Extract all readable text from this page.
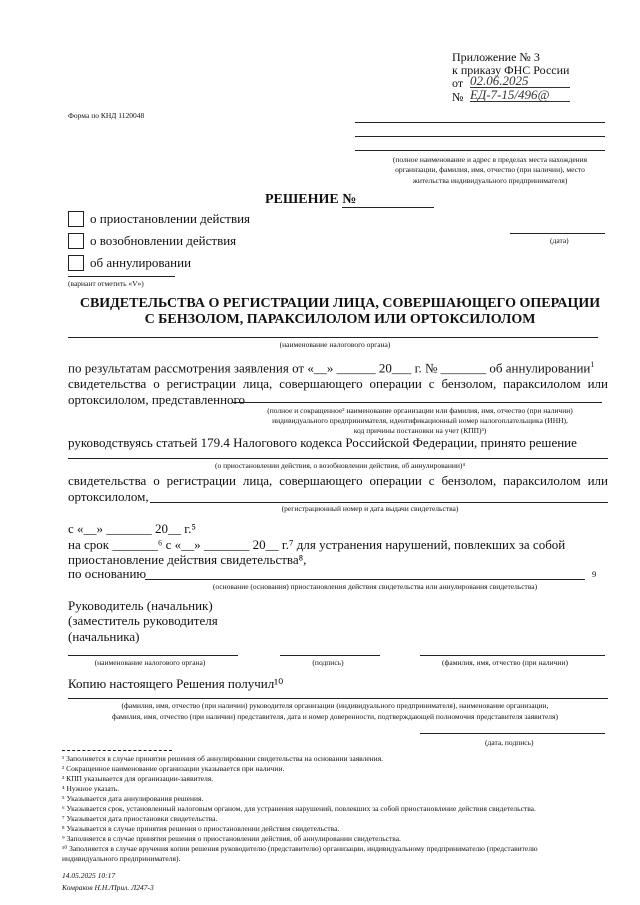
Приложение № 3
к приказу ФНС России
от 02.06.2025
№ ЕД-7-15/496@
Форма по КНД 1120048
(полное наименование и адрес в пределах места нахождения
организации, фамилия, имя, отчество (при наличии), место
жительства индивидуального предпринимателя)
РЕШЕНИЕ №
о приостановлении действия
о возобновлении действия
об аннулировании
(дата)
(вариант отметить «V»)
СВИДЕТЕЛЬСТВА О РЕГИСТРАЦИИ ЛИЦА, СОВЕРШАЮЩЕГО ОПЕРАЦИИ
С БЕНЗОЛОМ, ПАРАКСИЛОЛОМ ИЛИ ОРТОКСИЛОЛОМ
(наименование налогового органа)
по результатам рассмотрения заявления от «__» ______ 20___ г. № _______ об аннулировании$^1$
свидетельства о регистрации лица, совершающего операции с бензолом, параксилолом или
ортоксилолом, представленного
(полное и сокращенное² наименование организации или фамилия, имя, отчество (при наличии)
индивидуального предпринимателя, идентификационный номер налогоплательщика (ИНН),
код причины постановки на учет (КПП)³)
руководствуясь статьей 179.4 Налогового кодекса Российской Федерации, принято решение
(о приостановлении действия, о возобновлении действия, об аннулировании)⁴
свидетельства о регистрации лица, совершающего операции с бензолом, параксилолом или
ортоксилолом,
(регистрационный номер и дата выдачи свидетельства)
с «__» _______ 20__ г.⁵
на срок _______⁶ с «__» _______ 20__ г.⁷ для устранения нарушений, повлекших за собой
приостановление действия свидетельства⁸,
по основанию	9
(основание (основания) приостановления действия свидетельства или аннулирования свидетельства)
Руководитель (начальник)
(заместитель руководителя
(начальника)
(наименование налогового органа)	(подпись)	(фамилия, имя, отчество (при наличии)
Копию настоящего Решения получил¹⁰
(фамилия, имя, отчество (при наличии) руководителя организации (индивидуального предпринимателя), наименование организации,
фамилия, имя, отчество (при наличии) представителя, дата и номер доверенности, подтверждающей полномочия представителя заявителя)
(дата, подпись)
¹ Заполняется в случае принятия решения об аннулировании свидетельства на основании заявления.
² Сокращенное наименование организации указывается при наличии.
³ КПП указывается для организации-заявителя.
⁴ Нужное указать.
⁵ Указывается дата аннулирования решения.
⁶ Указывается срок, установленный налоговым органом, для устранения нарушений, повлекших за собой приостановление действия свидетельства.
⁷ Указывается дата приостановки свидетельства.
⁸ Указывается в случае принятия решения о приостановлении действия свидетельства.
⁹ Заполняется в случае принятия решения о приостановлении действия, об аннулировании свидетельства.
¹⁰ Заполняется в случае вручения копии решения руководителю (представителю) организации, индивидуальному предпринимателю (представителю
индивидуального предпринимателя).
14.05.2025 10:17
Комраков Н.Н./Прил. Л247-3
